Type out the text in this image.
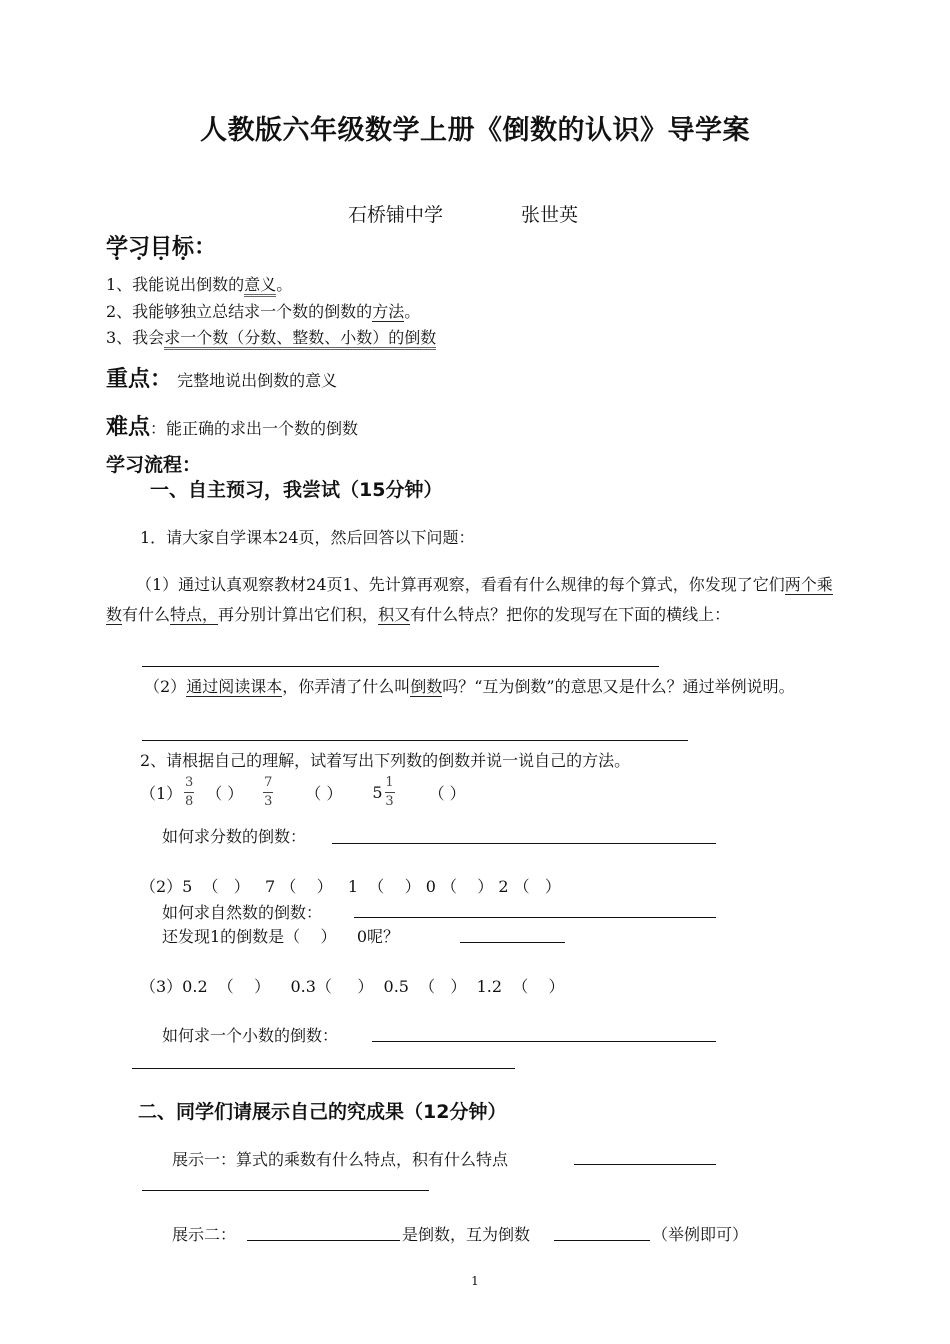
人教版六年级数学上册《倒数的认识》导学案
石桥铺中学	张世英
学习目标：
1、我能说出倒数的意义。
2、我能够独立总结求一个数的倒数的方法。
3、我会求一个数（分数、整数、小数）的倒数
重点： 完整地说出倒数的意义
难点：能正确的求出一个数的倒数
学习流程：
一、自主预习，我尝试（15分钟）
1．请大家自学课本24页，然后回答以下问题：
（1）通过认真观察教材24页1、先计算再观察，看看有什么规律的每个算式，你发现了它们两个乘数有什么特点，再分别计算出它们积，积又有什么特点？把你的发现写在下面的横线上：
（2）通过阅读课本，你弄清了什么叫倒数吗？“互为倒数”的意思又是什么？通过举例说明。
2、请根据自己的理解，试着写出下列数的倒数并说一说自己的方法。
$(1) \frac{3}{8}$ （ ） $\frac{7}{3}$ （ ） $5 \frac{1}{3}$ （ ）
如何求分数的倒数：
（2）5  （   ）   7 （    ）   1  （    ） 0 （    ） 2 （   ）
如何求自然数的倒数：
还发现1的倒数是（    ）    0呢？
（3）0.2  （    ）    0.3（     ）  0.5  （   ）  1.2  （    ）
如何求一个小数的倒数：
二、同学们请展示自己的究成果（12分钟）
展示一：算式的乘数有什么特点，积有什么特点
展示二：	是倒数，互为倒数	（举例即可）
1
